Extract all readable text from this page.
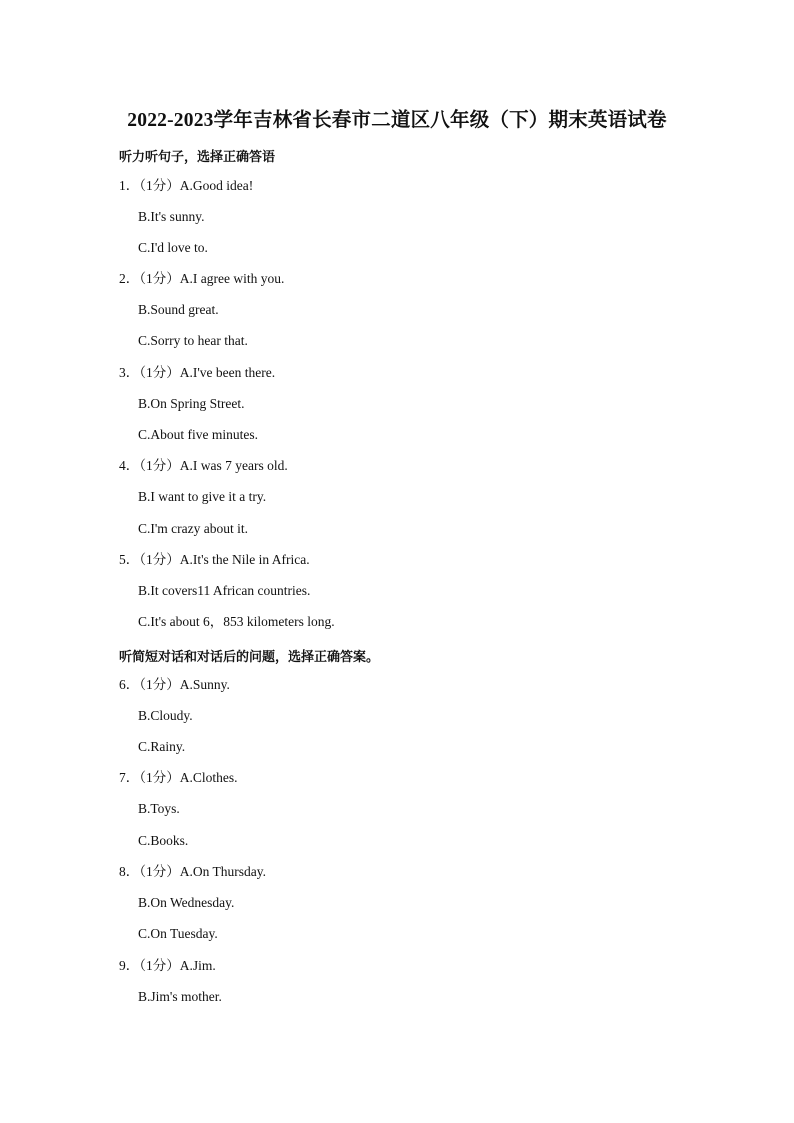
2022-2023学年吉林省长春市二道区八年级（下）期末英语试卷
听力听句子，选择正确答语
1．（1分）A.Good idea!
B.It's sunny.
C.I'd love to.
2．（1分）A.I agree with you.
B.Sound great.
C.Sorry to hear that.
3．（1分）A.I've been there.
B.On Spring Street.
C.About five minutes.
4．（1分）A.I was 7 years old.
B.I want to give it a try.
C.I'm crazy about it.
5．（1分）A.It's the Nile in Africa.
B.It covers11 African countries.
C.It's about 6，853 kilometers long.
听简短对话和对话后的问题，选择正确答案。
6．（1分）A.Sunny.
B.Cloudy.
C.Rainy.
7．（1分）A.Clothes.
B.Toys.
C.Books.
8．（1分）A.On Thursday.
B.On Wednesday.
C.On Tuesday.
9．（1分）A.Jim.
B.Jim's mother.
